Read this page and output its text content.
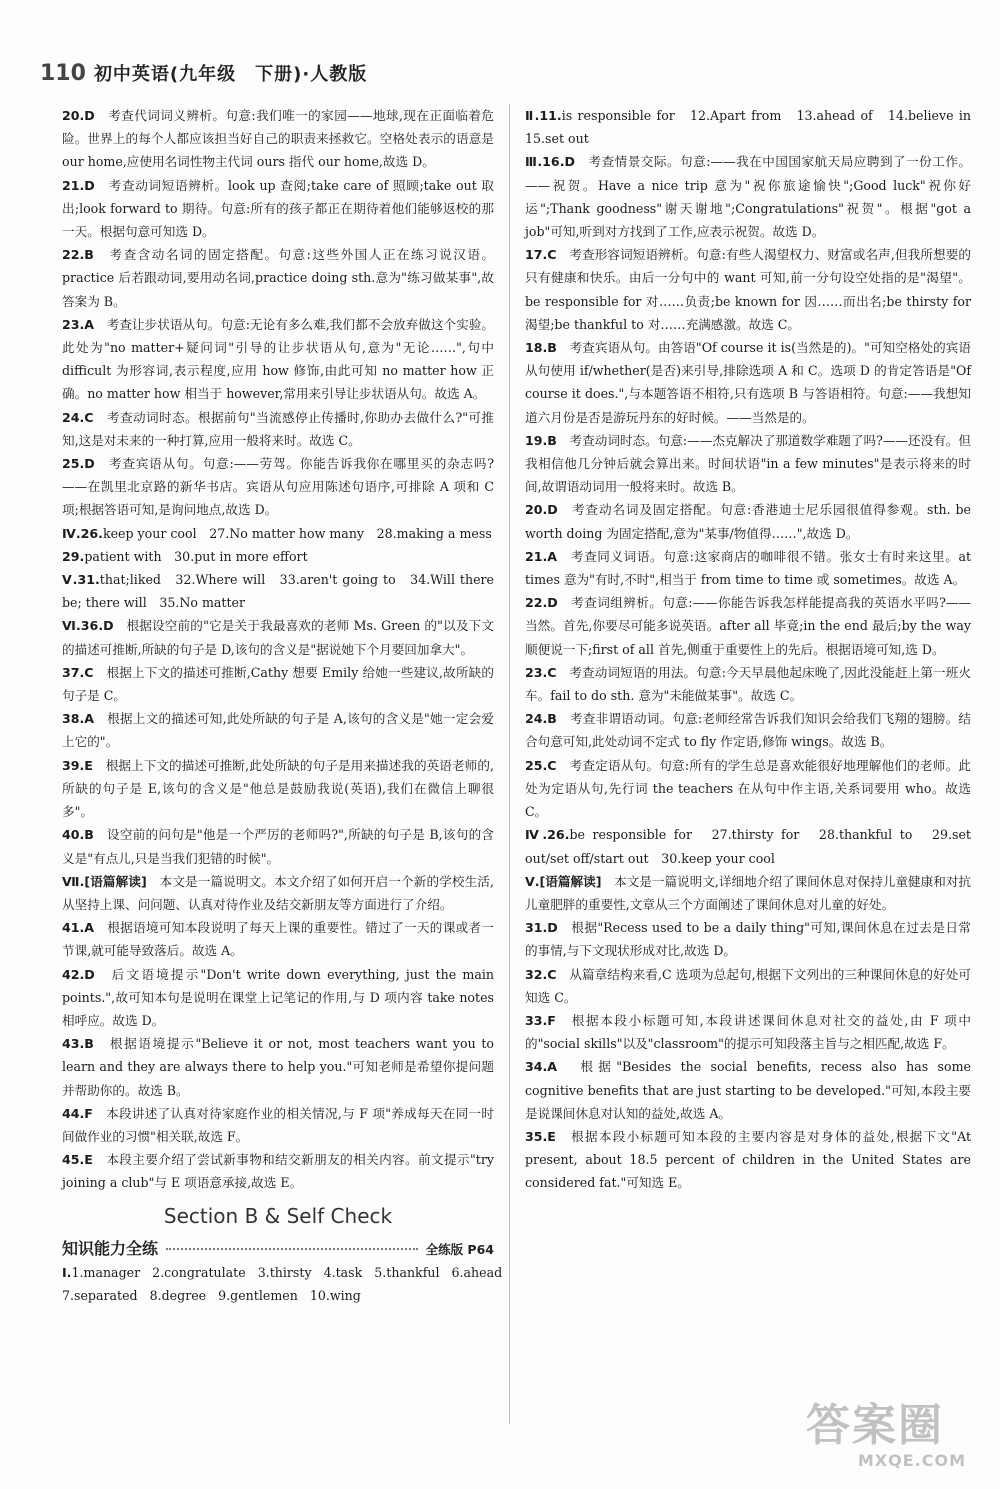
110 初中英语(九年级　下册)·人教版

20.D　 考查代词词义辨析。句意:我们唯一的家园——地球,现在正面临着危险。世界上的每个人都应该担当好自己的职责来拯救它。空格处表示的语意是 our home,应使用名词性物主代词 ours 指代 our home,故选 D。

21.D　 考查动词短语辨析。look up 查阅;take care of 照顾;take out 取出;look forward to 期待。句意:所有的孩子都正在期待着他们能够返校的那一天。根据句意可知选 D。

22.B　 考查含动名词的固定搭配。句意:这些外国人正在练习说汉语。practice 后若跟动词,要用动名词,practice doing sth.意为"练习做某事",故答案为 B。

23.A　 考查让步状语从句。句意:无论有多么难,我们都不会放弃做这个实验。此处为"no matter+疑问词"引导的让步状语从句,意为"无论……",句中 difficult 为形容词,表示程度,应用 how 修饰,由此可知 no matter how 正确。no matter how 相当于 however,常用来引导让步状语从句。故选 A。

24.C　 考查动词时态。根据前句"当流感停止传播时,你助办去做什么?"可推知,这是对未来的一种打算,应用一般将来时。故选 C。

25.D　 考查宾语从句。句意:——劳驾。你能告诉我你在哪里买的杂志吗?——在凯里北京路的新华书店。宾语从句应用陈述句语序,可排除 A 项和 C 项;根据答语可知,是询问地点,故选 D。

Ⅳ.26.keep your cool　27.No matter how many　28.making a mess

29.patient with　30.put in more effort

Ⅴ.31.that;liked　32.Where will　33.aren't going to　34.Will there be; there will　35.No matter

Ⅵ.36.D　 根据设空前的"它是关于我最喜欢的老师 Ms. Green 的"以及下文的描述可推断,所缺的句子是 D,该句的含义是"据说她下个月要回加拿大"。

37.C　 根据上下文的描述可推断,Cathy 想要 Emily 给她一些建议,故所缺的句子是 C。

38.A　 根据上文的描述可知,此处所缺的句子是 A,该句的含义是"她一定会爱上它的"。

39.E　 根据上下文的描述可推断,此处所缺的句子是用来描述我的英语老师的,所缺的句子是 E,该句的含义是"他总是鼓励我说(英语),我们在微信上聊很多"。

40.B　 设空前的问句是"他是一个严厉的老师吗?",所缺的句子是 B,该句的含义是"有点儿,只是当我们犯错的时候"。

Ⅶ.[语篇解读]　 本文是一篇说明文。本文介绍了如何开启一个新的学校生活,从坚持上课、问问题、认真对待作业及结交新朋友等方面进行了介绍。

41.A　 根据语境可知本段说明了每天上课的重要性。错过了一天的课或者一节课,就可能导致落后。故选 A。

42.D　 后文语境提示"Don't write down everything, just the main points.",故可知本句是说明在课堂上记笔记的作用,与 D 项内容 take notes 相呼应。故选 D。

43.B　 根据语境提示"Believe it or not, most teachers want you to learn and they are always there to help you."可知老师是希望你提问题并帮助你的。故选 B。

44.F　 本段讲述了认真对待家庭作业的相关情况,与 F 项"养成每天在同一时间做作业的习惯"相关联,故选 F。

45.E　 本段主要介绍了尝试新事物和结交新朋友的相关内容。前文提示"try joining a club"与 E 项语意承接,故选 E。

Section B & Self Check
知识能力全练	全练版 P64
Ⅰ.1.manager 2.congratulate 3.thirsty 4.task 5.thankful 6.ahead
7.separated 8.degree 9.gentlemen 10.wing

Ⅱ.11.is responsible for　12.Apart from　13.ahead of　14.believe in　15.set out

Ⅲ.16.D　 考查情景交际。句意:——我在中国国家航天局应聘到了一份工作。——祝贺。Have a nice trip 意为"祝你旅途愉快";Good luck"祝你好运";Thank goodness"谢天谢地";Congratulations"祝贺"。根据"got a job"可知,听到对方找到了工作,应表示祝贺。故选 D。

17.C　 考查形容词短语辨析。句意:有些人渴望权力、财富或名声,但我所想要的只有健康和快乐。由后一分句中的 want 可知,前一分句设空处指的是"渴望"。be responsible for 对……负责;be known for 因……而出名;be thirsty for 渴望;be thankful to 对……充满感激。故选 C。

18.B　 考查宾语从句。由答语"Of course it is(当然是的)。"可知空格处的宾语从句使用 if/whether(是否)来引导,排除选项 A 和 C。选项 D 的肯定答语是"Of course it does.",与本题答语不相符,只有选项 B 与答语相符。句意:——我想知道六月份是否是游玩丹东的好时候。——当然是的。

19.B　 考查动词时态。句意:——杰克解决了那道数学难题了吗?——还没有。但我相信他几分钟后就会算出来。时间状语"in a few minutes"是表示将来的时间,故谓语动词用一般将来时。故选 B。

20.D　 考查动名词及固定搭配。句意:香港迪士尼乐园很值得参观。sth. be worth doing 为固定搭配,意为"某事/物值得……",故选 D。

21.A　 考查同义词语。句意:这家商店的咖啡很不错。张女士有时来这里。at times 意为"有时,不时",相当于 from time to time 或 sometimes。故选 A。

22.D　 考查词组辨析。句意:——你能告诉我怎样能提高我的英语水平吗?——当然。首先,你要尽可能多说英语。after all 毕竟;in the end 最后;by the way 顺便说一下;first of all 首先,侧重于重要性上的先后。根据语境可知,选 D。

23.C　 考查动词短语的用法。句意:今天早晨他起床晚了,因此没能赶上第一班火车。fail to do sth. 意为"未能做某事"。故选 C。

24.B　 考查非谓语动词。句意:老师经常告诉我们知识会给我们飞翔的翅膀。结合句意可知,此处动词不定式 to fly 作定语,修饰 wings。故选 B。

25.C　 考查定语从句。句意:所有的学生总是喜欢能很好地理解他们的老师。此处为定语从句,先行词 the teachers 在从句中作主语,关系词要用 who。故选 C。

Ⅳ.26.be responsible for　27.thirsty for　28.thankful to　29.set out/set off/start out　30.keep your cool

Ⅴ.[语篇解读]　 本文是一篇说明文,详细地介绍了课间休息对保持儿童健康和对抗儿童肥胖的重要性,文章从三个方面阐述了课间休息对儿童的好处。

31.D　 根据"Recess used to be a daily thing"可知,课间休息在过去是日常的事情,与下文现状形成对比,故选 D。

32.C　 从篇章结构来看,C 选项为总起句,根据下文列出的三种课间休息的好处可知选 C。

33.F　 根据本段小标题可知,本段讲述课间休息对社交的益处,由 F 项中的"social skills"以及"classroom"的提示可知段落主旨与之相匹配,故选 F。

34.A　 根据"Besides the social benefits, recess also has some cognitive benefits that are just starting to be developed."可知,本段主要是说课间休息对认知的益处,故选 A。

35.E　 根据本段小标题可知本段的主要内容是对身体的益处,根据下文"At present, about 18.5 percent of children in the United States are considered fat."可知选 E。

答案圈
MXQE.COM
